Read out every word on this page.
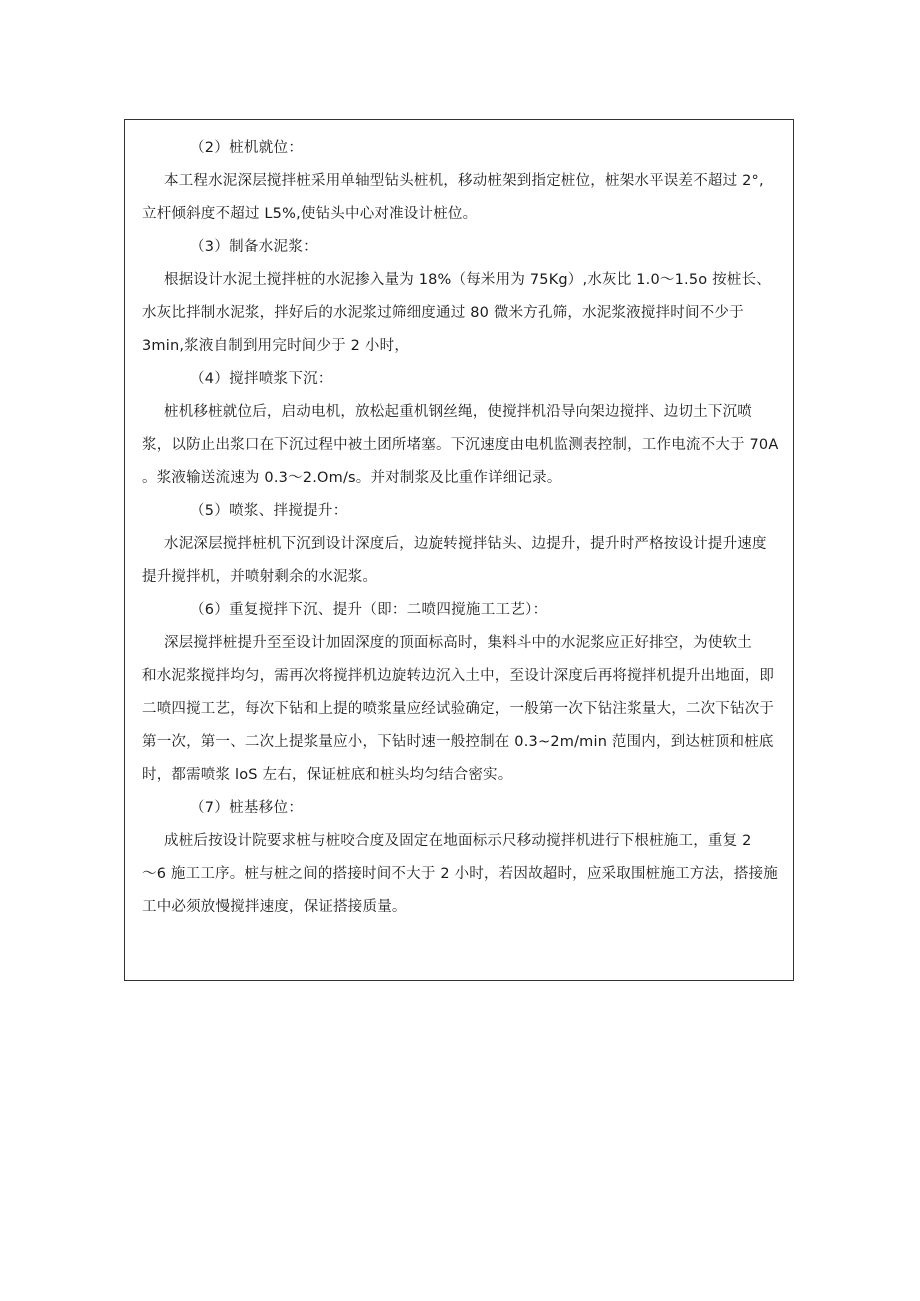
（2）桩机就位：
本工程水泥深层搅拌桩采用单轴型钻头桩机，移动桩架到指定桩位，桩架水平误差不超过 2°,
立杆倾斜度不超过 L5%,使钻头中心对准设计桩位。
（3）制备水泥浆：
根据设计水泥土搅拌桩的水泥掺入量为 18%（每米用为 75Kg）,水灰比 1.0～1.5o 按桩长、
水灰比拌制水泥浆，拌好后的水泥浆过筛细度通过 80 微米方孔筛，水泥浆液搅拌时间不少于
3min,浆液自制到用完时间少于 2 小时，
（4）搅拌喷浆下沉：
桩机移桩就位后，启动电机，放松起重机钢丝绳，使搅拌机沿导向架边搅拌、边切土下沉喷
浆，以防止出浆口在下沉过程中被土团所堵塞。下沉速度由电机监测表控制，工作电流不大于 70A
。浆液输送流速为 0.3～2.Om/s。并对制浆及比重作详细记录。
（5）喷浆、拌搅提升：
水泥深层搅拌桩机下沉到设计深度后，边旋转搅拌钻头、边提升，提升时严格按设计提升速度
提升搅拌机，并喷射剩余的水泥浆。
（6）重复搅拌下沉、提升（即：二喷四搅施工工艺）：
深层搅拌桩提升至至设计加固深度的顶面标高时，集料斗中的水泥浆应正好排空，为使软土
和水泥浆搅拌均匀，需再次将搅拌机边旋转边沉入土中，至设计深度后再将搅拌机提升出地面，即
二喷四搅工艺，每次下钻和上提的喷浆量应经试验确定，一般第一次下钻注浆量大，二次下钻次于
第一次，第一、二次上提浆量应小，下钻时速一般控制在 0.3~2m∕min 范围内，到达桩顶和桩底
时，都需喷浆 loS 左右，保证桩底和桩头均匀结合密实。
（7）桩基移位：
成桩后按设计院要求桩与桩咬合度及固定在地面标示尺移动搅拌机进行下根桩施工，重复 2
～6 施工工序。桩与桩之间的搭接时间不大于 2 小时，若因故超时，应采取围桩施工方法，搭接施
工中必须放慢搅拌速度，保证搭接质量。
